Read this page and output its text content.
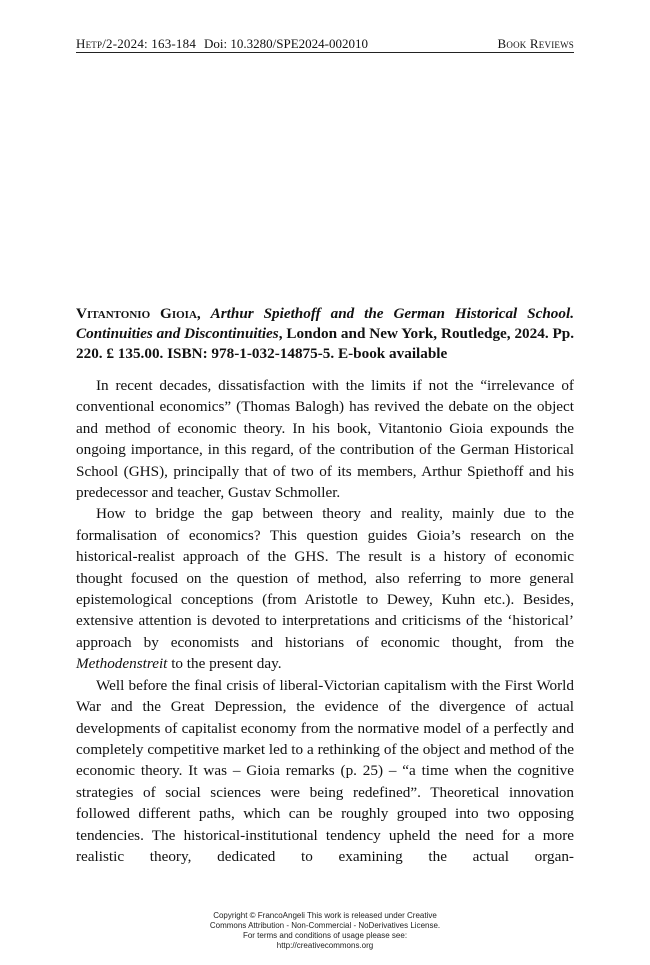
Hetp/2-2024: 163-184 Doi: 10.3280/SPE2024-002010	Book Reviews
Vitantonio Gioia, Arthur Spiethoff and the German Historical School. Continuities and Discontinuities, London and New York, Routledge, 2024. Pp. 220. £ 135.00. ISBN: 978-1-032-14875-5. E-book available

In recent decades, dissatisfaction with the limits if not the “irrelevance of conventional economics” (Thomas Balogh) has revived the debate on the object and method of economic theory. In his book, Vitantonio Gioia expounds the ongoing importance, in this regard, of the contribution of the German Historical School (GHS), principally that of two of its members, Arthur Spiethoff and his predecessor and teacher, Gustav Schmoller.

How to bridge the gap between theory and reality, mainly due to the formalisation of economics? This question guides Gioia’s research on the historical-realist approach of the GHS. The result is a history of economic thought focused on the question of method, also referring to more general epistemological conceptions (from Aristotle to Dewey, Kuhn etc.). Besides, extensive attention is devoted to interpretations and criticisms of the ‘historical’ approach by economists and historians of economic thought, from the Methodenstreit to the present day.

Well before the final crisis of liberal-Victorian capitalism with the First World War and the Great Depression, the evidence of the divergence of actual developments of capitalist economy from the normative model of a perfectly and completely competitive market led to a rethinking of the object and method of the economic theory. It was – Gioia remarks (p. 25) – “a time when the cognitive strategies of social sciences were being redefined”. Theoretical innovation followed different paths, which can be roughly grouped into two opposing tendencies. The historical-institutional tendency upheld the need for a more realistic theory, dedicated to examining the actual organ-

Copyright © FrancoAngeli This work is released under Creative
Commons Attribution - Non-Commercial - NoDerivatives License.
For terms and conditions of usage please see:
http://creativecommons.org
